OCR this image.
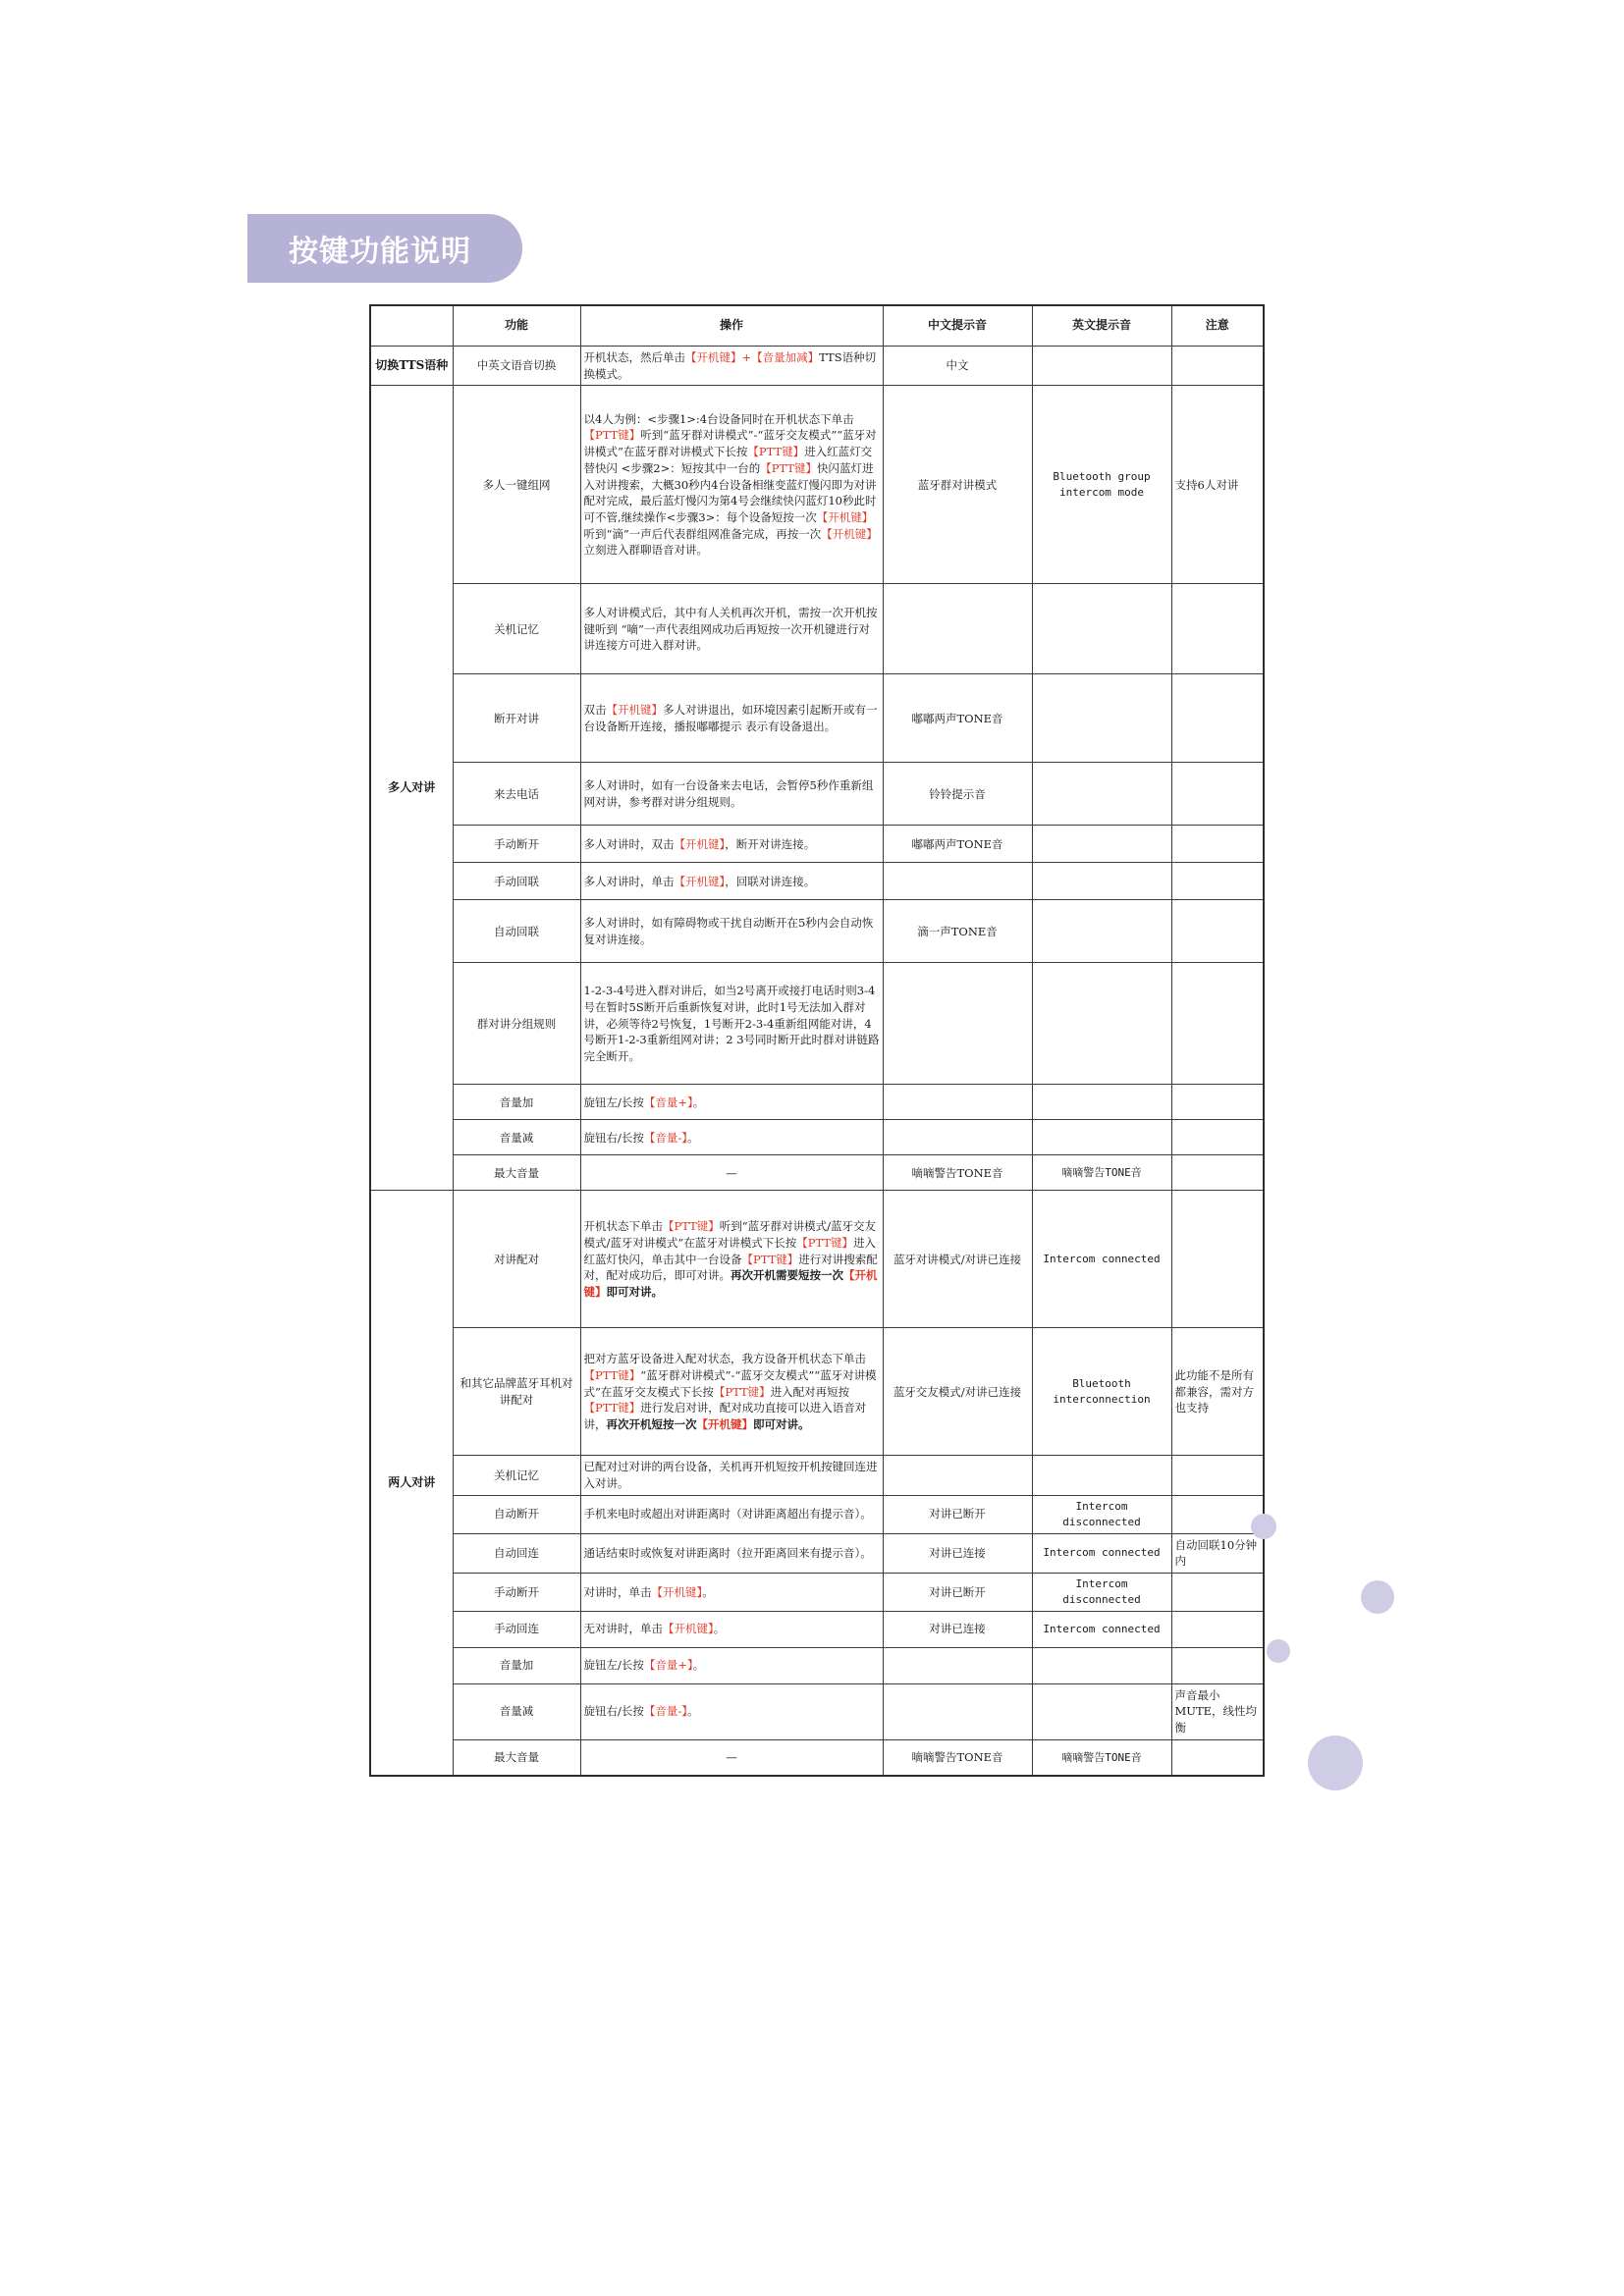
按键功能说明
	功能	操作	中文提示音	英文提示音	注意
切换TTS语种	中英文语音切换	开机状态，然后单击【开机键】+【音量加减】TTS语种切换模式。	中文		
多人对讲	多人一键组网	以4人为例：<步骤1>:4台设备同时在开机状态下单击【PTT键】听到“蓝牙群对讲模式”-“蓝牙交友模式”“蓝牙对讲模式”在蓝牙群对讲模式下长按【PTT键】进入红蓝灯交替快闪 <步骤2>：短按其中一台的【PTT键】快闪蓝灯进入对讲搜索，大概30秒内4台设备相继变蓝灯慢闪即为对讲配对完成，最后蓝灯慢闪为第4号会继续快闪蓝灯10秒此时可不管,继续操作<步骤3>：每个设备短按一次【开机键】听到“滴”一声后代表群组网准备完成，再按一次【开机键】立刻进入群聊语音对讲。	蓝牙群对讲模式	Bluetooth group intercom mode	支持6人对讲
	关机记忆	多人对讲模式后，其中有人关机再次开机，需按一次开机按键听到 “嘀”一声代表组网成功后再短按一次开机键进行对讲连接方可进入群对讲。			
	断开对讲	双击【开机键】多人对讲退出，如环境因素引起断开或有一台设备断开连接，播报嘟嘟提示 表示有设备退出。	嘟嘟两声TONE音		
	来去电话	多人对讲时，如有一台设备来去电话，会暂停5秒作重新组网对讲，参考群对讲分组规则。	铃铃提示音		
	手动断开	多人对讲时，双击【开机键】，断开对讲连接。	嘟嘟两声TONE音		
	手动回联	多人对讲时，单击【开机键】，回联对讲连接。			
	自动回联	多人对讲时，如有障碍物或干扰自动断开在5秒内会自动恢复对讲连接。	滴一声TONE音		
	群对讲分组规则	1-2-3-4号进入群对讲后，如当2号离开或接打电话时则3-4号在暂时5S断开后重新恢复对讲，此时1号无法加入群对讲，必须等待2号恢复，1号断开2-3-4重新组网能对讲，4号断开1-2-3重新组网对讲；2 3号同时断开此时群对讲链路完全断开。			
	音量加	旋钮左/长按【音量+】。			
	音量减	旋钮右/长按【音量-】。			
	最大音量	—	嘀嘀警告TONE音	嘀嘀警告TONE音	
两人对讲	对讲配对	开机状态下单击【PTT键】听到“蓝牙群对讲模式/蓝牙交友模式/蓝牙对讲模式”在蓝牙对讲模式下长按【PTT键】进入红蓝灯快闪，单击其中一台设备【PTT键】进行对讲搜索配对，配对成功后，即可对讲。再次开机需要短按一次【开机键】即可对讲。	蓝牙对讲模式/对讲已连接	Intercom connected	
	和其它品牌蓝牙耳机对讲配对	把对方蓝牙设备进入配对状态，我方设备开机状态下单击【PTT键】“蓝牙群对讲模式”-“蓝牙交友模式”“蓝牙对讲模式”在蓝牙交友模式下长按【PTT键】进入配对再短按【PTT键】进行发启对讲，配对成功直接可以进入语音对讲，再次开机短按一次【开机键】即可对讲。	蓝牙交友模式/对讲已连接	Bluetooth interconnection	此功能不是所有都兼容，需对方也支持
	关机记忆	已配对过对讲的两台设备，关机再开机短按开机按键回连进入对讲。			
	自动断开	手机来电时或超出对讲距离时（对讲距离超出有提示音）。	对讲已断开	Intercom disconnected	
	自动回连	通话结束时或恢复对讲距离时（拉开距离回来有提示音）。	对讲已连接	Intercom connected	自动回联10分钟内
	手动断开	对讲时，单击【开机键】。	对讲已断开	Intercom disconnected	
	手动回连	无对讲时，单击【开机键】。	对讲已连接	Intercom connected	
	音量加	旋钮左/长按【音量+】。			
	音量减	旋钮右/长按【音量-】。			声音最小MUTE，线性均衡
	最大音量	—	嘀嘀警告TONE音	嘀嘀警告TONE音	
